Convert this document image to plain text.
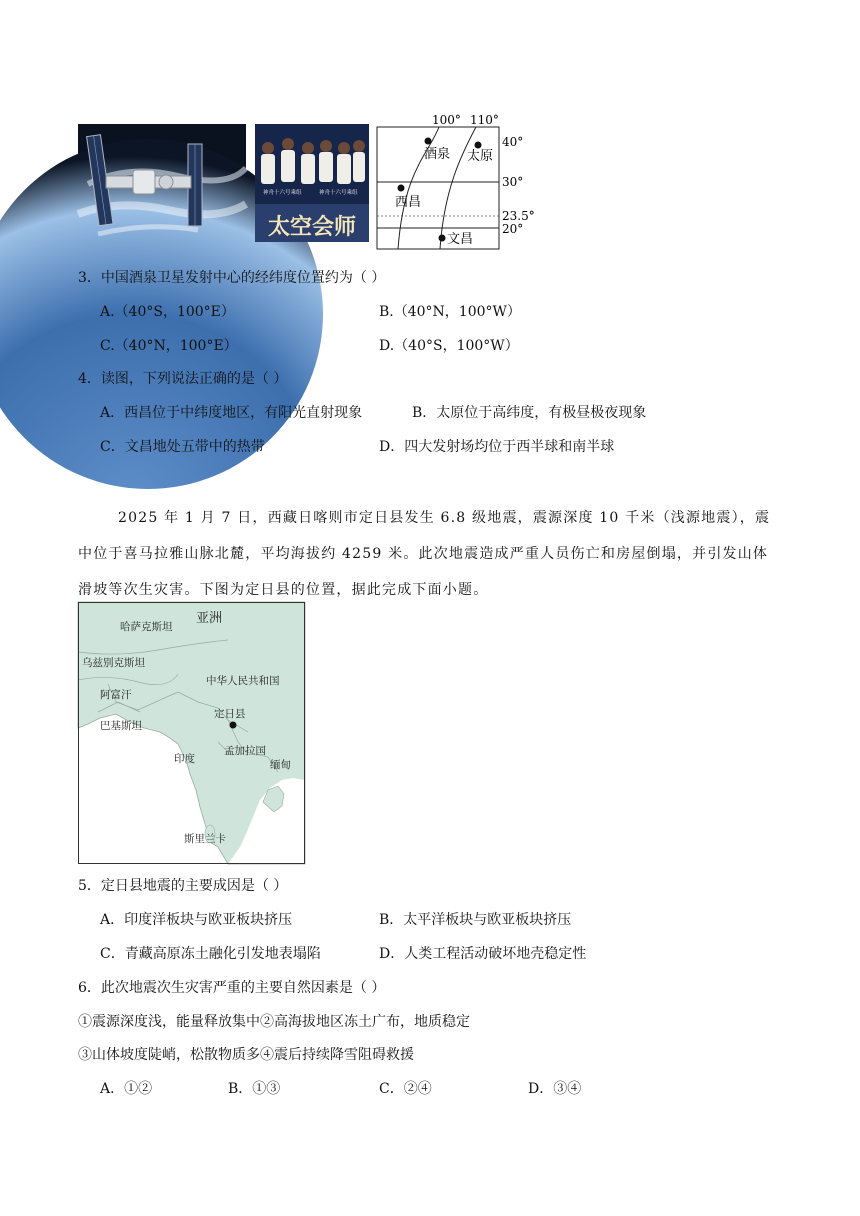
神舟十六号乘组	神舟十六号乘组
太空会师
100° 110°
40°
30°
23.5°
20°
酒泉 太原
西昌
文昌
3．中国酒泉卫星发射中心的经纬度位置约为（ ）
A.（40°S，100°E）	B.（40°N，100°W）
C.（40°N，100°E）	D.（40°S，100°W）
4．读图，下列说法正确的是（ ）
A．西昌位于中纬度地区，有阳光直射现象	B．太原位于高纬度，有极昼极夜现象
C．文昌地处五带中的热带	D．四大发射场均位于西半球和南半球
2025 年 1 月 7 日，西藏日喀则市定日县发生 6.8 级地震，震源深度 10 千米（浅源地震），震中位于喜马拉雅山脉北麓，平均海拔约 4259 米。此次地震造成严重人员伤亡和房屋倒塌，并引发山体滑坡等次生灾害。下图为定日县的位置，据此完成下面小题。
亚洲
哈萨克斯坦
乌兹别克斯坦
阿富汗
中华人民共和国
定日县
巴基斯坦
孟加拉国
印度	缅甸
斯里兰卡
5．定日县地震的主要成因是（ ）
A．印度洋板块与欧亚板块挤压	B．太平洋板块与欧亚板块挤压
C．青藏高原冻土融化引发地表塌陷	D．人类工程活动破坏地壳稳定性
6．此次地震次生灾害严重的主要自然因素是（ ）
①震源深度浅，能量释放集中②高海拔地区冻土广布，地质稳定
③山体坡度陡峭，松散物质多④震后持续降雪阻碍救援
A．①②	B．①③	C．②④	D．③④
